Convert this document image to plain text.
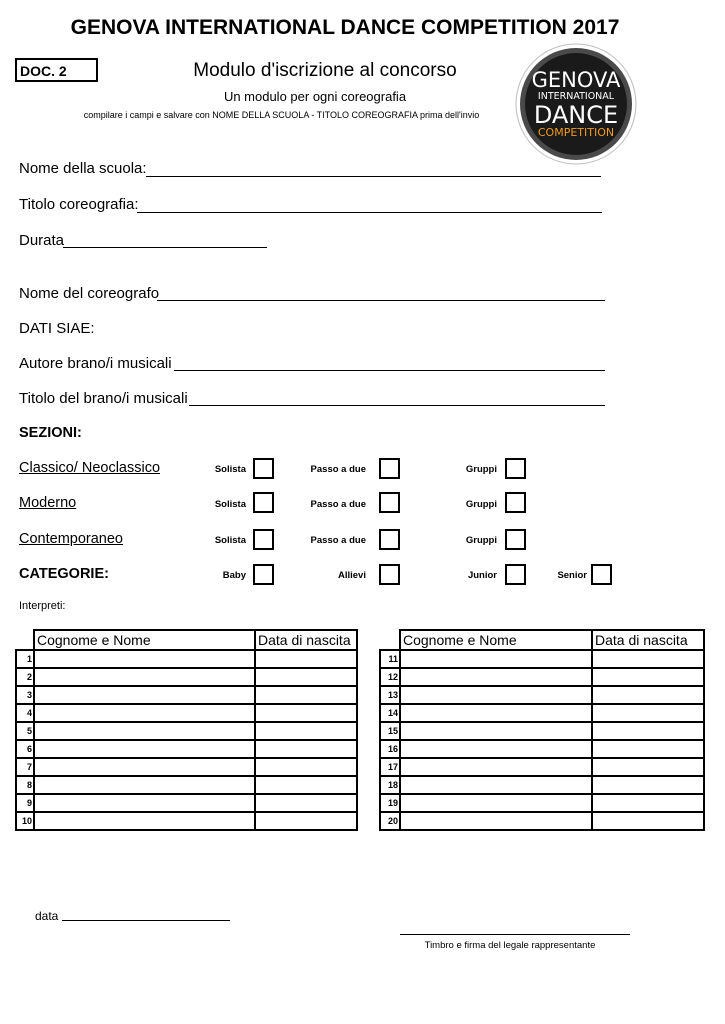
GENOVA INTERNATIONAL DANCE COMPETITION 2017
DOC. 2	Modulo d'iscrizione al concorso
Un modulo per ogni coreografia
compilare i campi e salvare con NOME DELLA SCUOLA - TITOLO COREOGRAFIA prima dell'invio
GENOVA
INTERNATIONAL
DANCE
COMPETITION
Nome della scuola:
Titolo coreografia:
Durata
Nome del coreografo
DATI SIAE:
Autore brano/i musicali
Titolo del brano/i musicali
SEZIONI:
Classico/ Neoclassico	Solista	Passo a due	Gruppi
Moderno	Solista	Passo a due	Gruppi
Contemporaneo	Solista	Passo a due	Gruppi
CATEGORIE:	Baby	Allievi	Junior	Senior
Interpreti:
	Cognome e Nome	Data di nascita
1		
2		
3		
4		
5		
6		
7		
8		
9		
10		
	Cognome e Nome	Data di nascita
11		
12		
13		
14		
15		
16		
17		
18		
19		
20		
data
Timbro e firma del legale rappresentante
